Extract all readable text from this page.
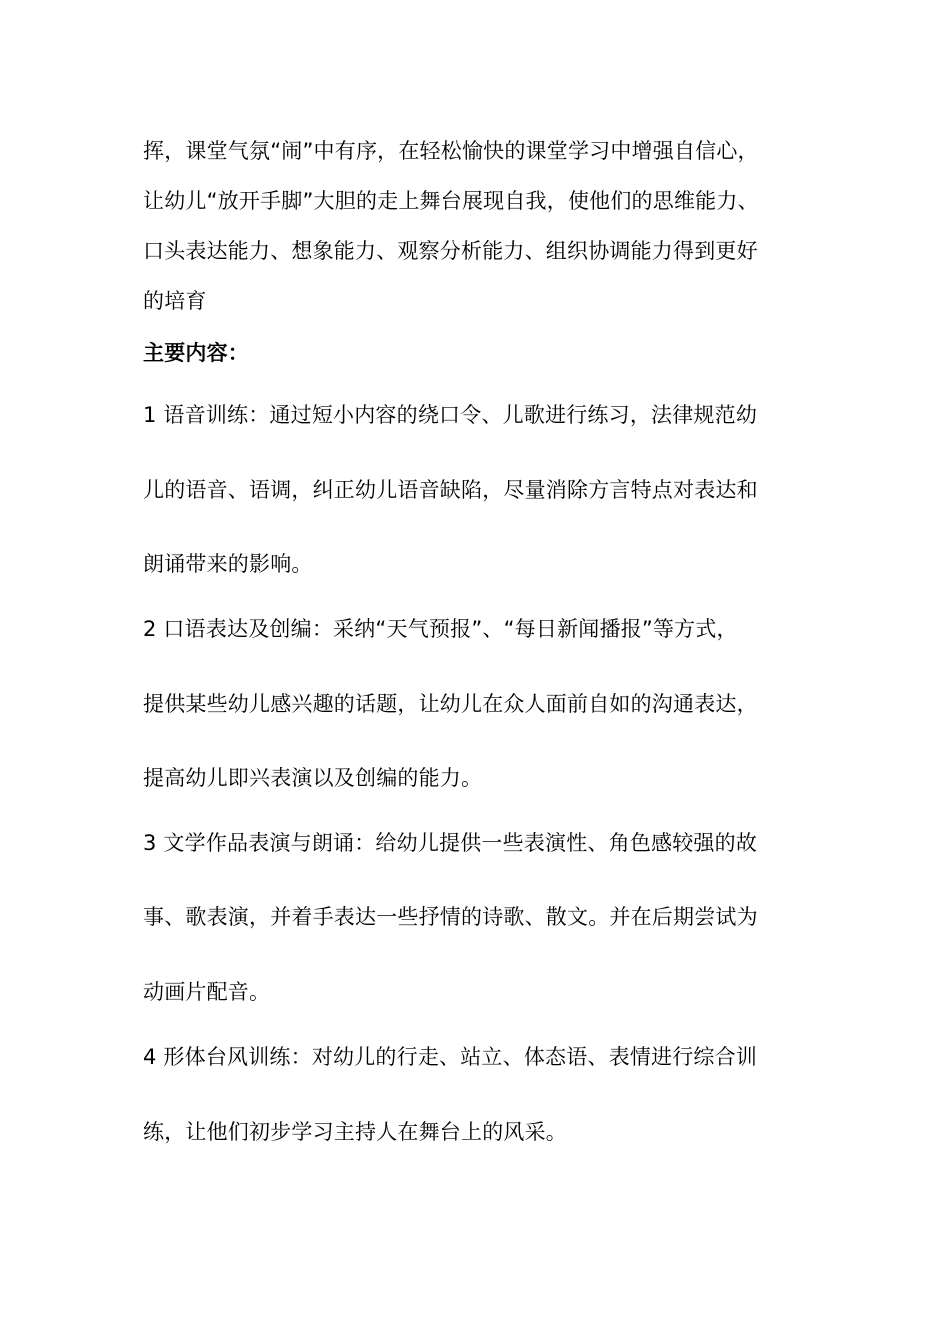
挥，课堂气氛“闹”中有序，在轻松愉快的课堂学习中增强自信心，
让幼儿“放开手脚”大胆的走上舞台展现自我，使他们的思维能力、
口头表达能力、想象能力、观察分析能力、组织协调能力得到更好
的培育
主要内容：
1 语音训练：通过短小内容的绕口令、儿歌进行练习，法律规范幼
儿的语音、语调，纠正幼儿语音缺陷，尽量消除方言特点对表达和
朗诵带来的影响。
2 口语表达及创编：采纳“天气预报”、“每日新闻播报”等方式，
提供某些幼儿感兴趣的话题，让幼儿在众人面前自如的沟通表达，
提高幼儿即兴表演以及创编的能力。
3 文学作品表演与朗诵：给幼儿提供一些表演性、角色感较强的故
事、歌表演，并着手表达一些抒情的诗歌、散文。并在后期尝试为
动画片配音。
4 形体台风训练：对幼儿的行走、站立、体态语、表情进行综合训
练，让他们初步学习主持人在舞台上的风采。
